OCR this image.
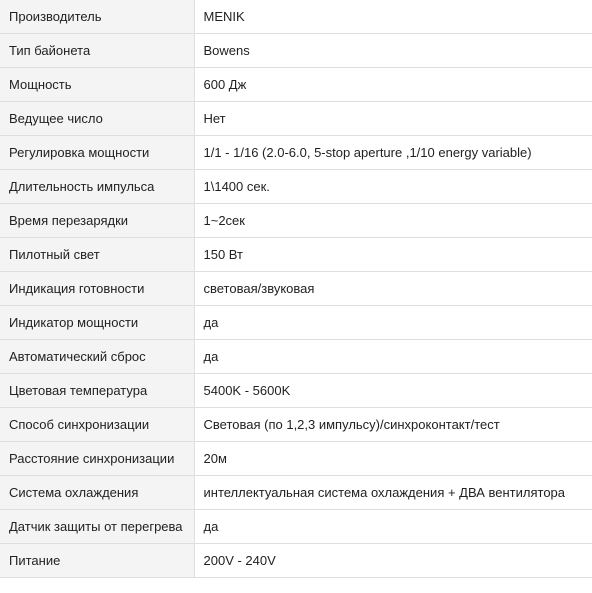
Производитель	MENIK
Тип байонета	Bowens
Мощность	600 Дж
Ведущее число	Нет
Регулировка мощности	1/1 - 1/16 (2.0-6.0, 5-stop aperture ,1/10 energy variable)
Длительность импульса	1\1400 сек.
Время перезарядки	1~2сек
Пилотный свет	150 Вт
Индикация готовности	световая/звуковая
Индикатор мощности	да
Автоматический сброс	да
Цветовая температура	5400K - 5600K
Способ синхронизации	Световая (по 1,2,3 импульсу)/синхроконтакт/тест
Расстояние синхронизации	20м
Система охлаждения	интеллектуальная система охлаждения + ДВА вентилятора
Датчик защиты от перегрева	да
Питание	200V - 240V
